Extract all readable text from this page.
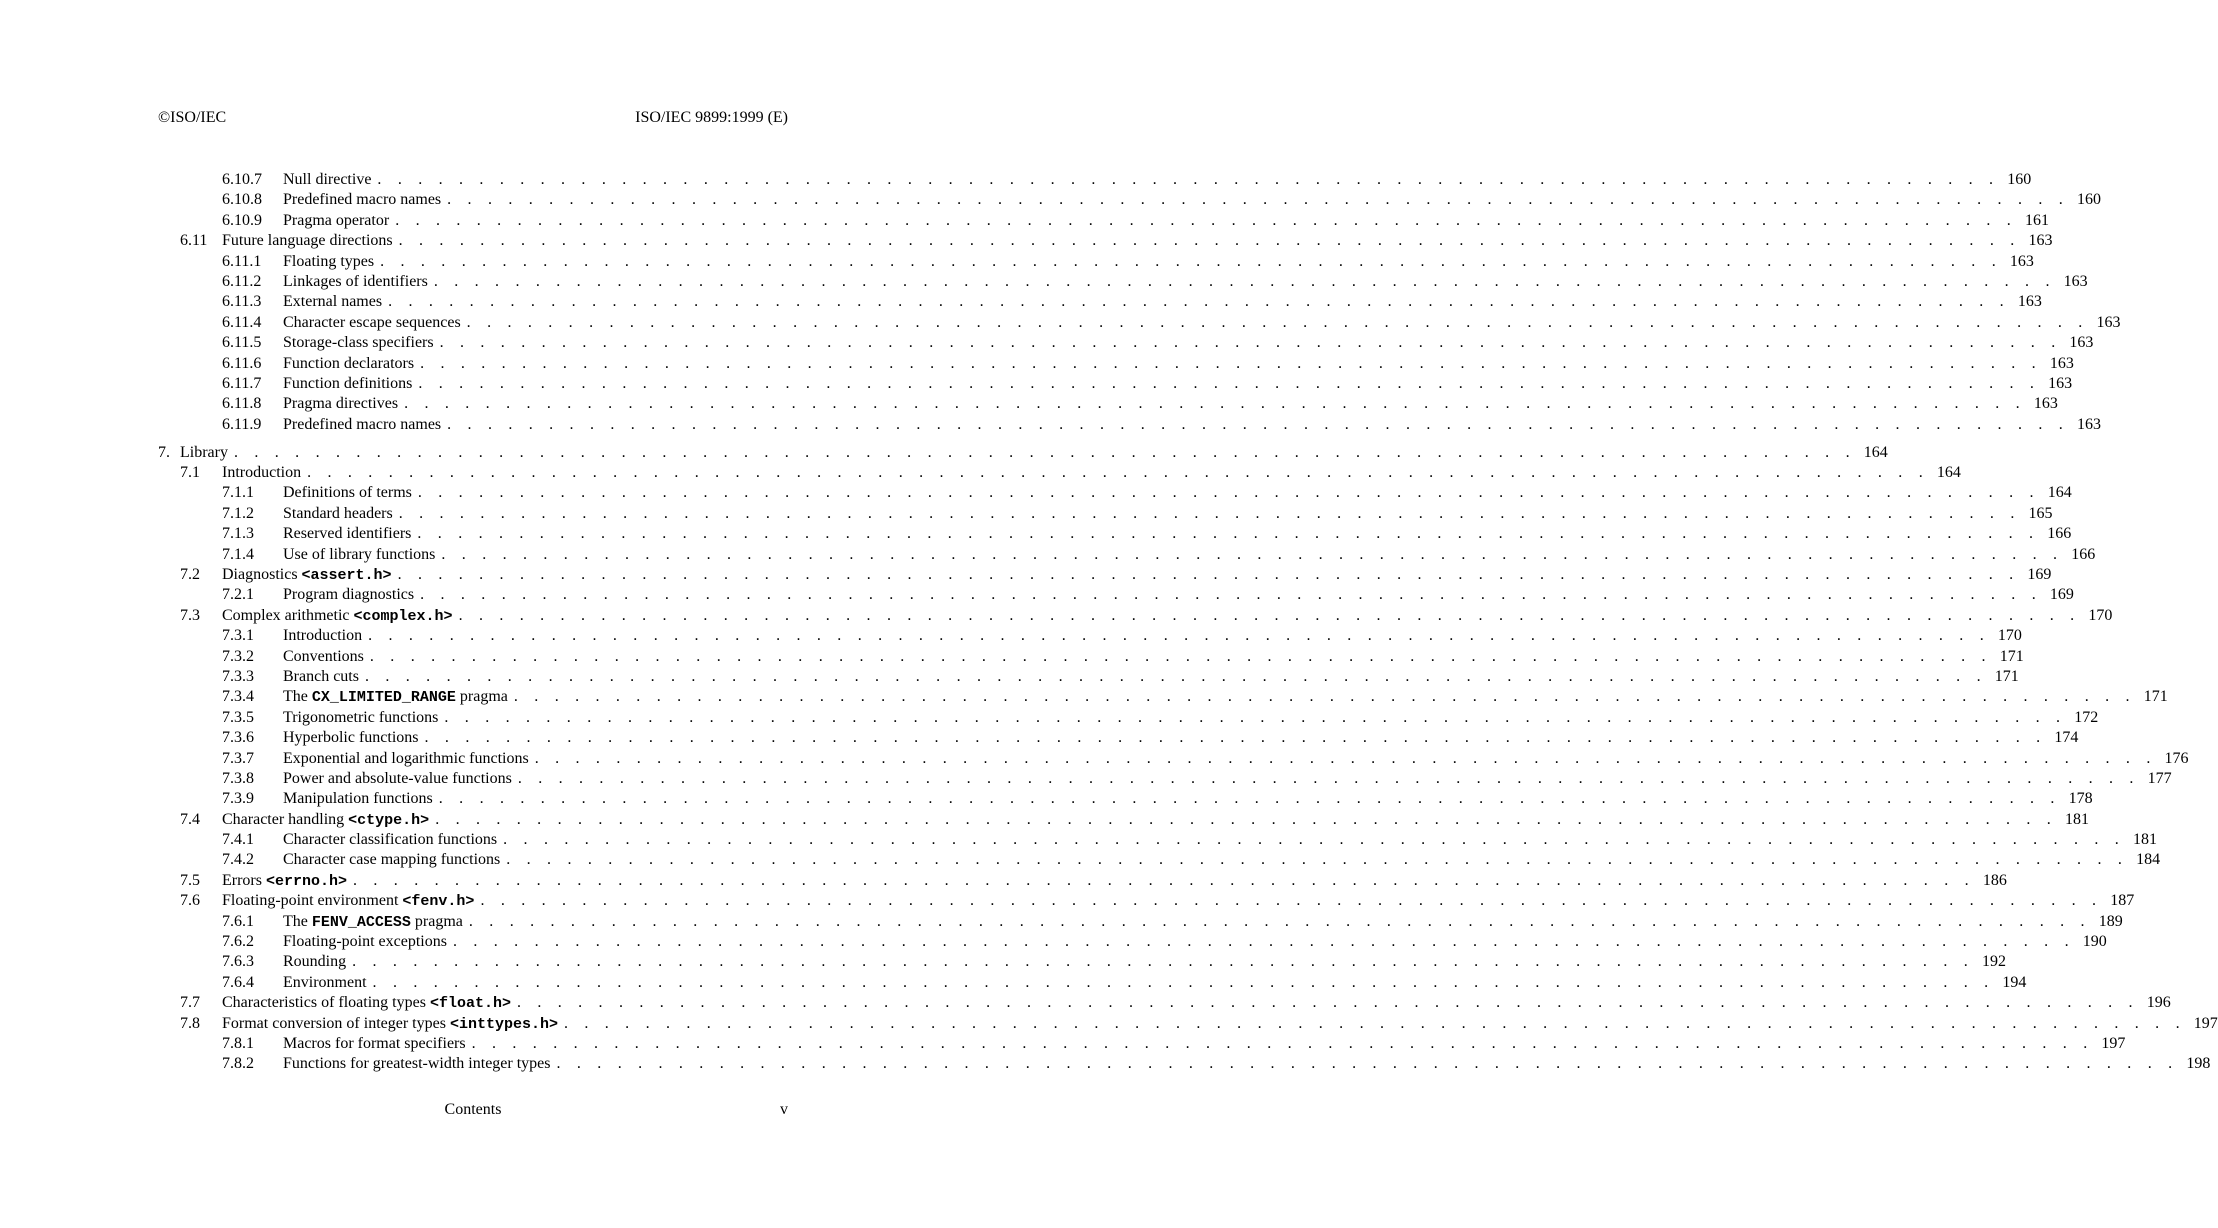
©ISO/IEC	ISO/IEC 9899:1999 (E)
6.10.7 Null directive . . . . . . . . . . . . . . . . . . . . . . . . . . . . . . . . . . . . . . . . . . . . . . . . . . . . . . . . . . . . . . . . . . . . . . . . . . . . . . . . 160
6.10.8 Predefined macro names . . . . . . . . . . . . . . . . . . . . . . . . . . . . . . . . . . . . . . . . . . . . . . . . . . . . . . . . . . . . . . . . . . . . . . . . . . . . . . . . 160
6.10.9 Pragma operator . . . . . . . . . . . . . . . . . . . . . . . . . . . . . . . . . . . . . . . . . . . . . . . . . . . . . . . . . . . . . . . . . . . . . . . . . . . . . . . . 161
6.11 Future language directions . . . . . . . . . . . . . . . . . . . . . . . . . . . . . . . . . . . . . . . . . . . . . . . . . . . . . . . . . . . . . . . . . . . . . . . . . . . . . . . . 163
6.11.1 Floating types . . . . . . . . . . . . . . . . . . . . . . . . . . . . . . . . . . . . . . . . . . . . . . . . . . . . . . . . . . . . . . . . . . . . . . . . . . . . . . . . 163
6.11.2 Linkages of identifiers . . . . . . . . . . . . . . . . . . . . . . . . . . . . . . . . . . . . . . . . . . . . . . . . . . . . . . . . . . . . . . . . . . . . . . . . . . . . . . . . 163
6.11.3 External names . . . . . . . . . . . . . . . . . . . . . . . . . . . . . . . . . . . . . . . . . . . . . . . . . . . . . . . . . . . . . . . . . . . . . . . . . . . . . . . . 163
6.11.4 Character escape sequences . . . . . . . . . . . . . . . . . . . . . . . . . . . . . . . . . . . . . . . . . . . . . . . . . . . . . . . . . . . . . . . . . . . . . . . . . . . . . . . . 163
6.11.5 Storage-class specifiers . . . . . . . . . . . . . . . . . . . . . . . . . . . . . . . . . . . . . . . . . . . . . . . . . . . . . . . . . . . . . . . . . . . . . . . . . . . . . . . . 163
6.11.6 Function declarators . . . . . . . . . . . . . . . . . . . . . . . . . . . . . . . . . . . . . . . . . . . . . . . . . . . . . . . . . . . . . . . . . . . . . . . . . . . . . . . . 163
6.11.7 Function definitions . . . . . . . . . . . . . . . . . . . . . . . . . . . . . . . . . . . . . . . . . . . . . . . . . . . . . . . . . . . . . . . . . . . . . . . . . . . . . . . . 163
6.11.8 Pragma directives . . . . . . . . . . . . . . . . . . . . . . . . . . . . . . . . . . . . . . . . . . . . . . . . . . . . . . . . . . . . . . . . . . . . . . . . . . . . . . . . 163
6.11.9 Predefined macro names . . . . . . . . . . . . . . . . . . . . . . . . . . . . . . . . . . . . . . . . . . . . . . . . . . . . . . . . . . . . . . . . . . . . . . . . . . . . . . . . 163
7. Library . . . . . . . . . . . . . . . . . . . . . . . . . . . . . . . . . . . . . . . . . . . . . . . . . . . . . . . . . . . . . . . . . . . . . . . . . . . . . . . . 164
7.1 Introduction . . . . . . . . . . . . . . . . . . . . . . . . . . . . . . . . . . . . . . . . . . . . . . . . . . . . . . . . . . . . . . . . . . . . . . . . . . . . . . . . 164
7.1.1 Definitions of terms . . . . . . . . . . . . . . . . . . . . . . . . . . . . . . . . . . . . . . . . . . . . . . . . . . . . . . . . . . . . . . . . . . . . . . . . . . . . . . . . 164
7.1.2 Standard headers . . . . . . . . . . . . . . . . . . . . . . . . . . . . . . . . . . . . . . . . . . . . . . . . . . . . . . . . . . . . . . . . . . . . . . . . . . . . . . . . 165
7.1.3 Reserved identifiers . . . . . . . . . . . . . . . . . . . . . . . . . . . . . . . . . . . . . . . . . . . . . . . . . . . . . . . . . . . . . . . . . . . . . . . . . . . . . . . . 166
7.1.4 Use of library functions . . . . . . . . . . . . . . . . . . . . . . . . . . . . . . . . . . . . . . . . . . . . . . . . . . . . . . . . . . . . . . . . . . . . . . . . . . . . . . . . 166
7.2 Diagnostics <assert.h> . . . . . . . . . . . . . . . . . . . . . . . . . . . . . . . . . . . . . . . . . . . . . . . . . . . . . . . . . . . . . . . . . . . . . . . . . . . . . . . . 169
7.2.1 Program diagnostics . . . . . . . . . . . . . . . . . . . . . . . . . . . . . . . . . . . . . . . . . . . . . . . . . . . . . . . . . . . . . . . . . . . . . . . . . . . . . . . . 169
7.3 Complex arithmetic <complex.h> . . . . . . . . . . . . . . . . . . . . . . . . . . . . . . . . . . . . . . . . . . . . . . . . . . . . . . . . . . . . . . . . . . . . . . . . . . . . . . . . 170
7.3.1 Introduction . . . . . . . . . . . . . . . . . . . . . . . . . . . . . . . . . . . . . . . . . . . . . . . . . . . . . . . . . . . . . . . . . . . . . . . . . . . . . . . . 170
7.3.2 Conventions . . . . . . . . . . . . . . . . . . . . . . . . . . . . . . . . . . . . . . . . . . . . . . . . . . . . . . . . . . . . . . . . . . . . . . . . . . . . . . . . 171
7.3.3 Branch cuts . . . . . . . . . . . . . . . . . . . . . . . . . . . . . . . . . . . . . . . . . . . . . . . . . . . . . . . . . . . . . . . . . . . . . . . . . . . . . . . . 171
7.3.4 The CX_LIMITED_RANGE pragma . . . . . . . . . . . . . . . . . . . . . . . . . . . . . . . . . . . . . . . . . . . . . . . . . . . . . . . . . . . . . . . . . . . . . . . . . . . . . . . . 171
7.3.5 Trigonometric functions . . . . . . . . . . . . . . . . . . . . . . . . . . . . . . . . . . . . . . . . . . . . . . . . . . . . . . . . . . . . . . . . . . . . . . . . . . . . . . . . 172
7.3.6 Hyperbolic functions . . . . . . . . . . . . . . . . . . . . . . . . . . . . . . . . . . . . . . . . . . . . . . . . . . . . . . . . . . . . . . . . . . . . . . . . . . . . . . . . 174
7.3.7 Exponential and logarithmic functions . . . . . . . . . . . . . . . . . . . . . . . . . . . . . . . . . . . . . . . . . . . . . . . . . . . . . . . . . . . . . . . . . . . . . . . . . . . . . . . . 176
7.3.8 Power and absolute-value functions . . . . . . . . . . . . . . . . . . . . . . . . . . . . . . . . . . . . . . . . . . . . . . . . . . . . . . . . . . . . . . . . . . . . . . . . . . . . . . . . 177
7.3.9 Manipulation functions . . . . . . . . . . . . . . . . . . . . . . . . . . . . . . . . . . . . . . . . . . . . . . . . . . . . . . . . . . . . . . . . . . . . . . . . . . . . . . . . 178
7.4 Character handling <ctype.h> . . . . . . . . . . . . . . . . . . . . . . . . . . . . . . . . . . . . . . . . . . . . . . . . . . . . . . . . . . . . . . . . . . . . . . . . . . . . . . . . 181
7.4.1 Character classification functions . . . . . . . . . . . . . . . . . . . . . . . . . . . . . . . . . . . . . . . . . . . . . . . . . . . . . . . . . . . . . . . . . . . . . . . . . . . . . . . . 181
7.4.2 Character case mapping functions . . . . . . . . . . . . . . . . . . . . . . . . . . . . . . . . . . . . . . . . . . . . . . . . . . . . . . . . . . . . . . . . . . . . . . . . . . . . . . . . 184
7.5 Errors <errno.h> . . . . . . . . . . . . . . . . . . . . . . . . . . . . . . . . . . . . . . . . . . . . . . . . . . . . . . . . . . . . . . . . . . . . . . . . . . . . . . . . 186
7.6 Floating-point environment <fenv.h> . . . . . . . . . . . . . . . . . . . . . . . . . . . . . . . . . . . . . . . . . . . . . . . . . . . . . . . . . . . . . . . . . . . . . . . . . . . . . . . . 187
7.6.1 The FENV_ACCESS pragma . . . . . . . . . . . . . . . . . . . . . . . . . . . . . . . . . . . . . . . . . . . . . . . . . . . . . . . . . . . . . . . . . . . . . . . . . . . . . . . . 189
7.6.2 Floating-point exceptions . . . . . . . . . . . . . . . . . . . . . . . . . . . . . . . . . . . . . . . . . . . . . . . . . . . . . . . . . . . . . . . . . . . . . . . . . . . . . . . . 190
7.6.3 Rounding . . . . . . . . . . . . . . . . . . . . . . . . . . . . . . . . . . . . . . . . . . . . . . . . . . . . . . . . . . . . . . . . . . . . . . . . . . . . . . . . 192
7.6.4 Environment . . . . . . . . . . . . . . . . . . . . . . . . . . . . . . . . . . . . . . . . . . . . . . . . . . . . . . . . . . . . . . . . . . . . . . . . . . . . . . . . 194
7.7 Characteristics of floating types <float.h> . . . . . . . . . . . . . . . . . . . . . . . . . . . . . . . . . . . . . . . . . . . . . . . . . . . . . . . . . . . . . . . . . . . . . . . . . . . . . . . . 196
7.8 Format conversion of integer types <inttypes.h> . . . . . . . . . . . . . . . . . . . . . . . . . . . . . . . . . . . . . . . . . . . . . . . . . . . . . . . . . . . . . . . . . . . . . . . . . . . . . . . . 197
7.8.1 Macros for format specifiers . . . . . . . . . . . . . . . . . . . . . . . . . . . . . . . . . . . . . . . . . . . . . . . . . . . . . . . . . . . . . . . . . . . . . . . . . . . . . . . . 197
7.8.2 Functions for greatest-width integer types . . . . . . . . . . . . . . . . . . . . . . . . . . . . . . . . . . . . . . . . . . . . . . . . . . . . . . . . . . . . . . . . . . . . . . . . . . . . . . . . 198
Contents	v
